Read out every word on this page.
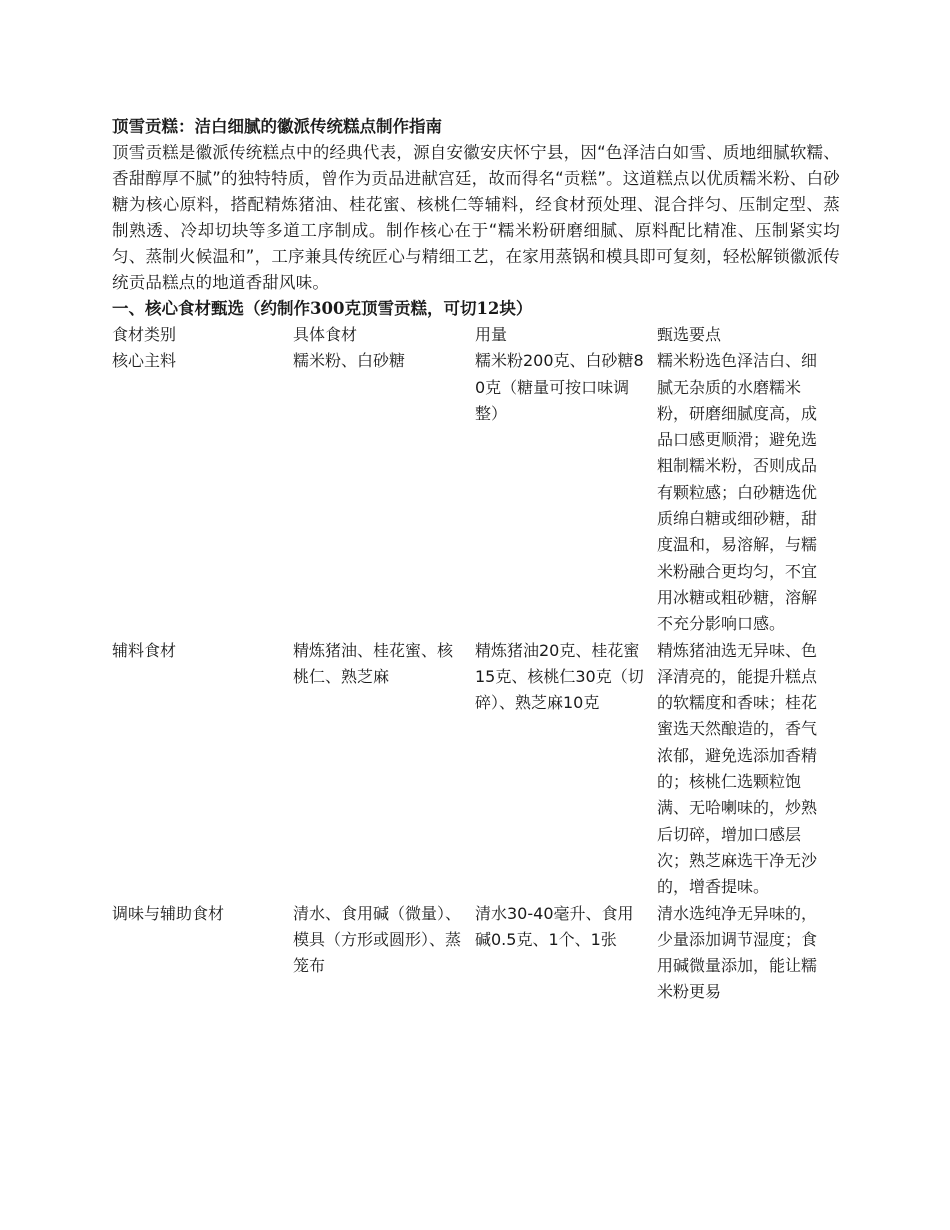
顶雪贡糕：洁白细腻的徽派传统糕点制作指南

顶雪贡糕是徽派传统糕点中的经典代表，源自安徽安庆怀宁县，因“色泽洁白如雪、质地细腻软糯、香甜醇厚不腻”的独特特质，曾作为贡品进献宫廷，故而得名“贡糕”。这道糕点以优质糯米粉、白砂糖为核心原料，搭配精炼猪油、桂花蜜、核桃仁等辅料，经食材预处理、混合拌匀、压制定型、蒸制熟透、冷却切块等多道工序制成。制作核心在于“糯米粉研磨细腻、原料配比精准、压制紧实均匀、蒸制火候温和”，工序兼具传统匠心与精细工艺，在家用蒸锅和模具即可复刻，轻松解锁徽派传统贡品糕点的地道香甜风味。

一、核心食材甄选（约制作300克顶雪贡糕，可切12块）
食材类别	具体食材	用量	甄选要点
核心主料	糯米粉、白砂糖	糯米粉200克、白砂糖80克（糖量可按口味调整）	糯米粉选色泽洁白、细腻无杂质的水磨糯米粉，研磨细腻度高，成品口感更顺滑；避免选粗制糯米粉，否则成品有颗粒感；白砂糖选优质绵白糖或细砂糖，甜度温和，易溶解，与糯米粉融合更均匀，不宜用冰糖或粗砂糖，溶解不充分影响口感。
辅料食材	精炼猪油、桂花蜜、核桃仁、熟芝麻	精炼猪油20克、桂花蜜15克、核桃仁30克（切碎）、熟芝麻10克	精炼猪油选无异味、色泽清亮的，能提升糕点的软糯度和香味；桂花蜜选天然酿造的，香气浓郁，避免选添加香精的；核桃仁选颗粒饱满、无哈喇味的，炒熟后切碎，增加口感层次；熟芝麻选干净无沙的，增香提味。
调味与辅助食材	清水、食用碱（微量）、模具（方形或圆形）、蒸笼布	清水30-40毫升、食用碱0.5克、1个、1张	清水选纯净无异味的，少量添加调节湿度；食用碱微量添加，能让糯米粉更易
